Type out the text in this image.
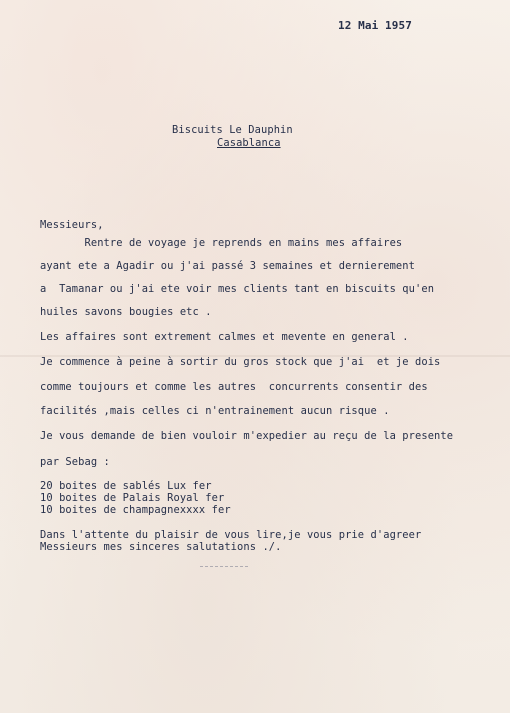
12 Mai 1957
Biscuits Le Dauphin
Casablanca
Messieurs,
Rentre de voyage je reprends en mains mes affaires
ayant ete a Agadir ou j'ai passé 3 semaines et dernierement
a  Tamanar ou j'ai ete voir mes clients tant en biscuits qu'en
huiles savons bougies etc .
Les affaires sont extrement calmes et mevente en general .
Je commence à peine à sortir du gros stock que j'ai  et je dois
comme toujours et comme les autres  concurrents consentir des
facilités ,mais celles ci n'entrainement aucun risque .
Je vous demande de bien vouloir m'expedier au reçu de la presente
par Sebag :
20 boites de sablés Lux fer
10 boites de Palais Royal fer
10 boites de champagnexxxx fer
Dans l'attente du plaisir de vous lire,je vous prie d'agreer
Messieurs mes sinceres salutations ./.
